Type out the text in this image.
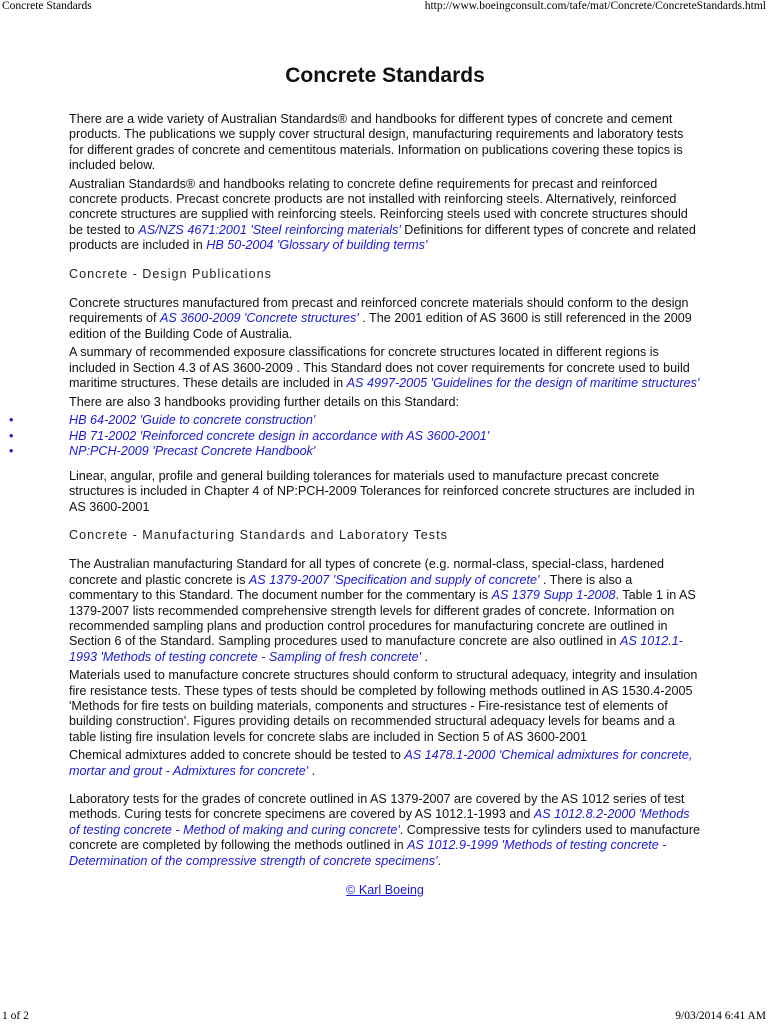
Concrete Standards	http://www.boeingconsult.com/tafe/mat/Concrete/ConcreteStandards.html
Concrete Standards

There are a wide variety of Australian Standards® and handbooks for different types of concrete and cement products. The publications we supply cover structural design, manufacturing requirements and laboratory tests for different grades of concrete and cementitous materials. Information on publications covering these topics is included below.

Australian Standards® and handbooks relating to concrete define requirements for precast and reinforced concrete products. Precast concrete products are not installed with reinforcing steels. Alternatively, reinforced concrete structures are supplied with reinforcing steels. Reinforcing steels used with concrete structures should be tested to AS/NZS 4671:2001 'Steel reinforcing materials' Definitions for different types of concrete and related products are included in HB 50-2004 'Glossary of building terms'

Concrete - Design Publications

Concrete structures manufactured from precast and reinforced concrete materials should conform to the design requirements of AS 3600-2009 'Concrete structures' . The 2001 edition of AS 3600 is still referenced in the 2009 edition of the Building Code of Australia.

A summary of recommended exposure classifications for concrete structures located in different regions is included in Section 4.3 of AS 3600-2009 . This Standard does not cover requirements for concrete used to build maritime structures. These details are included in AS 4997-2005 'Guidelines for the design of maritime structures'

There are also 3 handbooks providing further details on this Standard:

• HB 64-2002 'Guide to concrete construction'
• HB 71-2002 'Reinforced concrete design in accordance with AS 3600-2001'
• NP:PCH-2009 'Precast Concrete Handbook'

Linear, angular, profile and general building tolerances for materials used to manufacture precast concrete structures is included in Chapter 4 of NP:PCH-2009 Tolerances for reinforced concrete structures are included in AS 3600-2001

Concrete - Manufacturing Standards and Laboratory Tests

The Australian manufacturing Standard for all types of concrete (e.g. normal-class, special-class, hardened concrete and plastic concrete is AS 1379-2007 'Specification and supply of concrete' . There is also a commentary to this Standard. The document number for the commentary is AS 1379 Supp 1-2008. Table 1 in AS 1379-2007 lists recommended comprehensive strength levels for different grades of concrete. Information on recommended sampling plans and production control procedures for manufacturing concrete are outlined in Section 6 of the Standard. Sampling procedures used to manufacture concrete are also outlined in AS 1012.1-1993 'Methods of testing concrete - Sampling of fresh concrete' .

Materials used to manufacture concrete structures should conform to structural adequacy, integrity and insulation fire resistance tests. These types of tests should be completed by following methods outlined in AS 1530.4-2005 'Methods for fire tests on building materials, components and structures - Fire-resistance test of elements of building construction'. Figures providing details on recommended structural adequacy levels for beams and a table listing fire insulation levels for concrete slabs are included in Section 5 of AS 3600-2001

Chemical admixtures added to concrete should be tested to AS 1478.1-2000 'Chemical admixtures for concrete, mortar and grout - Admixtures for concrete' .

Laboratory tests for the grades of concrete outlined in AS 1379-2007 are covered by the AS 1012 series of test methods. Curing tests for concrete specimens are covered by AS 1012.1-1993 and AS 1012.8.2-2000 'Methods of testing concrete - Method of making and curing concrete'. Compressive tests for cylinders used to manufacture concrete are completed by following the methods outlined in AS 1012.9-1999 'Methods of testing concrete - Determination of the compressive strength of concrete specimens'.

© Karl Boeing
1 of 2	9/03/2014 6:41 AM
